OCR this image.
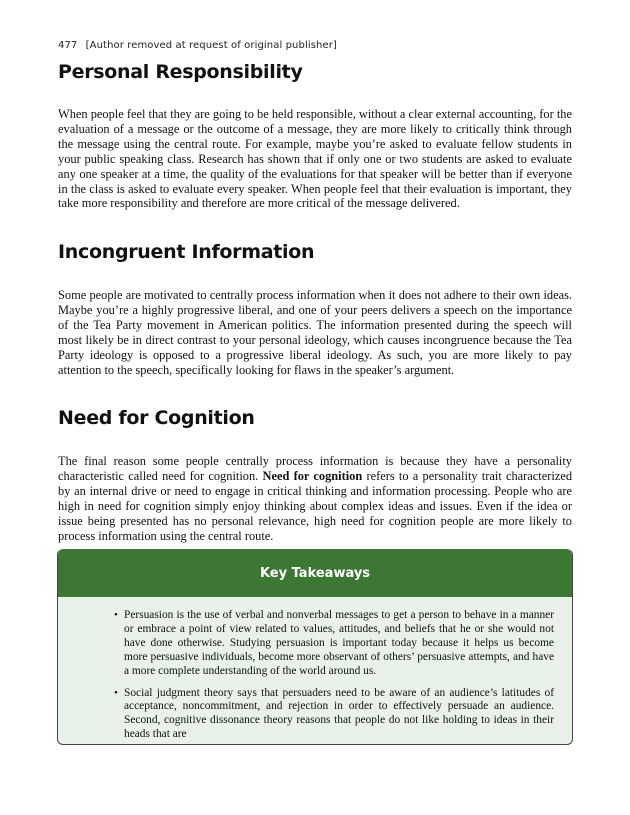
477 [Author removed at request of original publisher]
Personal Responsibility

When people feel that they are going to be held responsible, without a clear external accounting, for the evaluation of a message or the outcome of a message, they are more likely to critically think through the message using the central route. For example, maybe you’re asked to evaluate fellow students in your public speaking class. Research has shown that if only one or two students are asked to evaluate any one speaker at a time, the quality of the evaluations for that speaker will be better than if everyone in the class is asked to evaluate every speaker. When people feel that their evaluation is important, they take more responsibility and therefore are more critical of the message delivered.

Incongruent Information

Some people are motivated to centrally process information when it does not adhere to their own ideas. Maybe you’re a highly progressive liberal, and one of your peers delivers a speech on the importance of the Tea Party movement in American politics. The information presented during the speech will most likely be in direct contrast to your personal ideology, which causes incongruence because the Tea Party ideology is opposed to a progressive liberal ideology. As such, you are more likely to pay attention to the speech, specifically looking for flaws in the speaker’s argument.

Need for Cognition

The final reason some people centrally process information is because they have a personality characteristic called need for cognition. Need for cognition refers to a personality trait characterized by an internal drive or need to engage in critical thinking and information processing. People who are high in need for cognition simply enjoy thinking about complex ideas and issues. Even if the idea or issue being presented has no personal relevance, high need for cognition people are more likely to process information using the central route.

Key Takeaways
• Persuasion is the use of verbal and nonverbal messages to get a person to behave in a manner or embrace a point of view related to values, attitudes, and beliefs that he or she would not have done otherwise. Studying persuasion is important today because it helps us become more persuasive individuals, become more observant of others’ persuasive attempts, and have a more complete understanding of the world around us.
• Social judgment theory says that persuaders need to be aware of an audience’s latitudes of acceptance, noncommitment, and rejection in order to effectively persuade an audience. Second, cognitive dissonance theory reasons that people do not like holding to ideas in their heads that are
